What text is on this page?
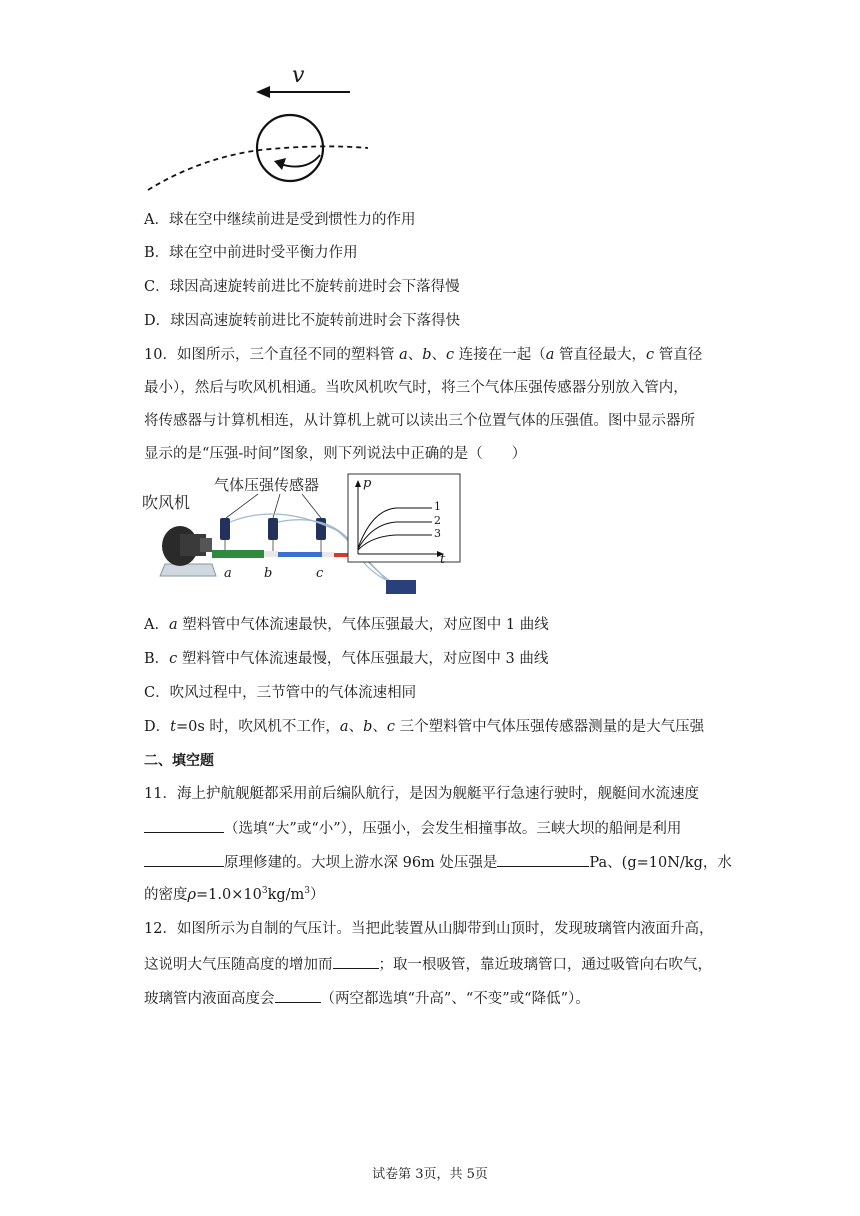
v
A．球在空中继续前进是受到惯性力的作用
B．球在空中前进时受平衡力作用
C．球因高速旋转前进比不旋转前进时会下落得慢
D．球因高速旋转前进比不旋转前进时会下落得快
10．如图所示，三个直径不同的塑料管 a、b、c 连接在一起（a 管直径最大，c 管直径
最小），然后与吹风机相通。当吹风机吹气时，将三个气体压强传感器分别放入管内，
将传感器与计算机相连，从计算机上就可以读出三个位置气体的压强值。图中显示器所
显示的是“压强-时间”图象，则下列说法中正确的是（　　）
吹风机
气体压强传感器
a b	c
p
t
1
2
3
A．a 塑料管中气体流速最快，气体压强最大，对应图中 1 曲线
B．c 塑料管中气体流速最慢，气体压强最大，对应图中 3 曲线
C．吹风过程中，三节管中的气体流速相同
D．t=0s 时，吹风机不工作，a、b、c 三个塑料管中气体压强传感器测量的是大气压强
二、填空题
11．海上护航舰艇都采用前后编队航行，是因为舰艇平行急速行驶时，舰艇间水流速度
（选填“大”或“小”），压强小，会发生相撞事故。三峡大坝的船闸是利用
原理修建的。大坝上游水深 96m 处压强是	Pa、(g=10N/kg，水
的密度$\rho=1.0\times 10^3kg/m^3$）
12．如图所示为自制的气压计。当把此装置从山脚带到山顶时，发现玻璃管内液面升高，
这说明大气压随高度的增加而	；取一根吸管，靠近玻璃管口，通过吸管向右吹气，
玻璃管内液面高度会	（两空都选填“升高”、“不变”或“降低”）。
试卷第 3页，共 5页
